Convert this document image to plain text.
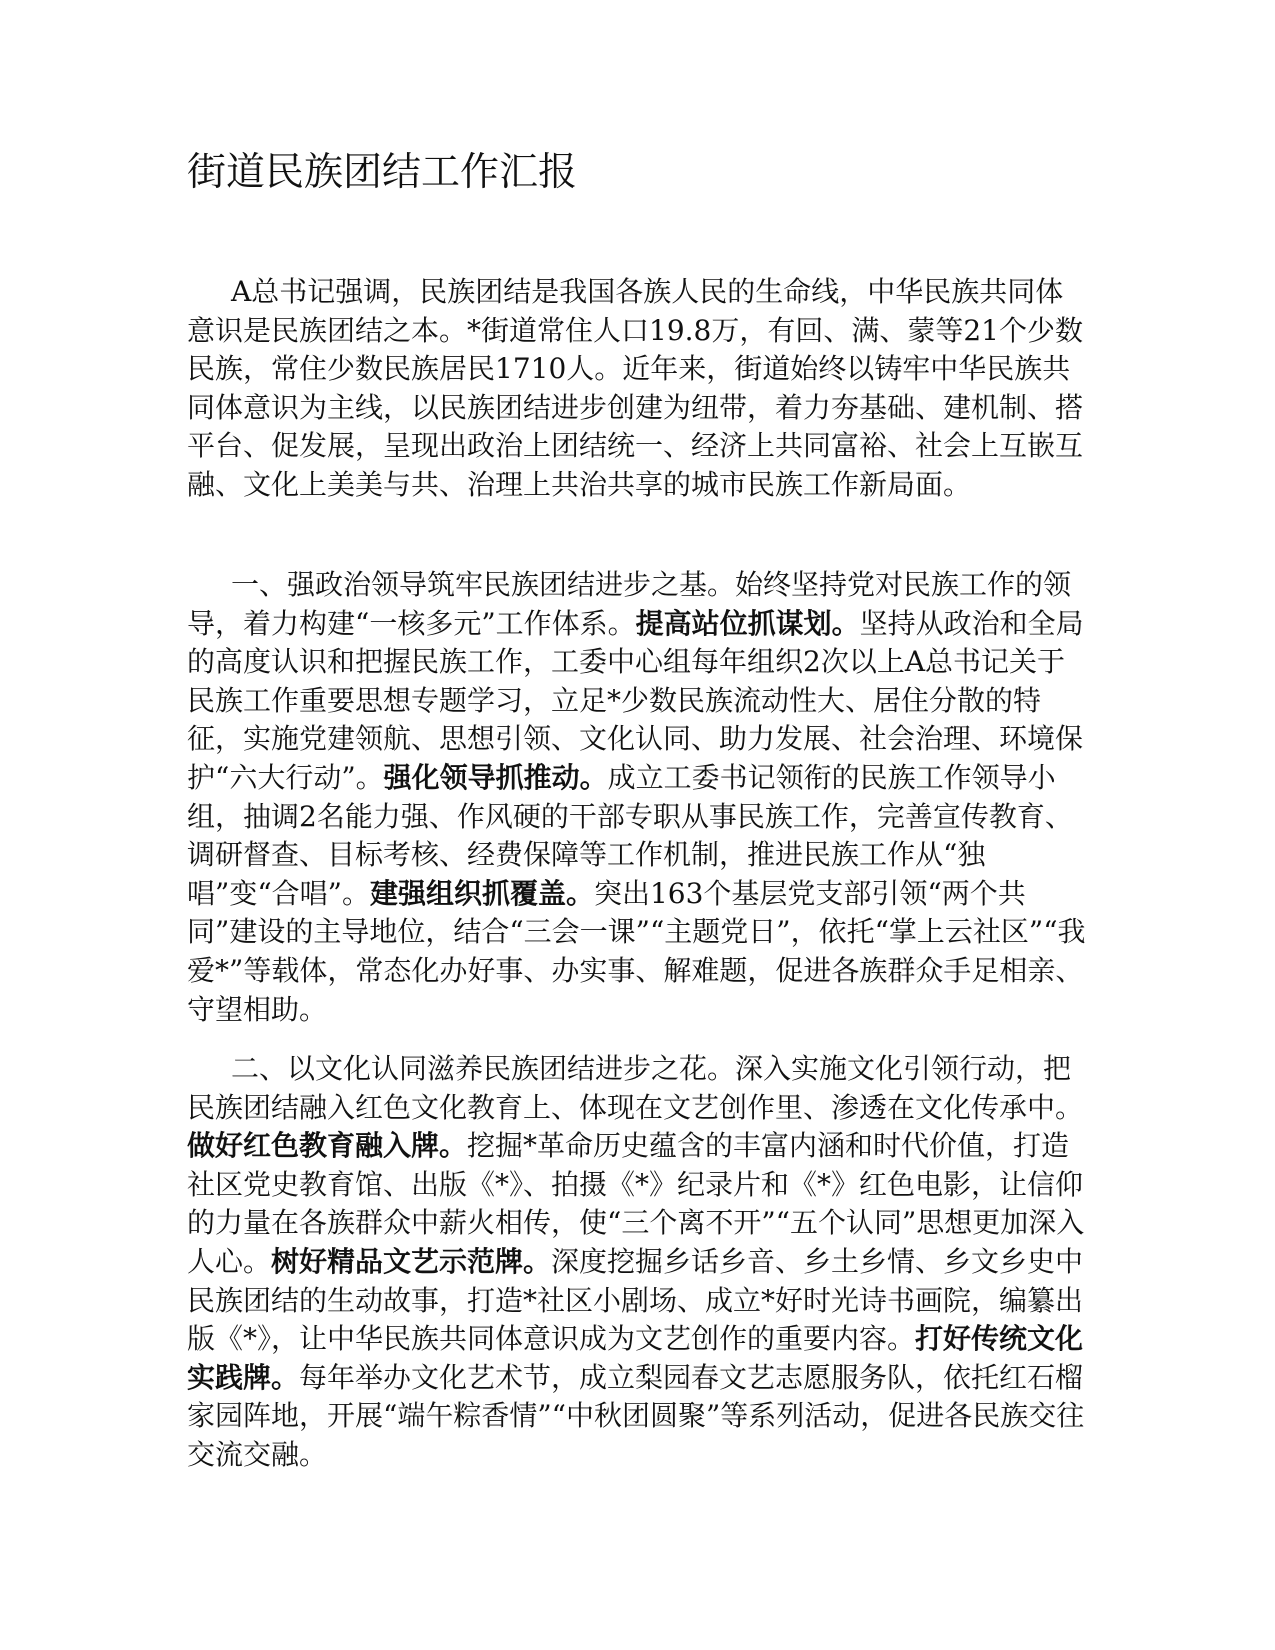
街道民族团结工作汇报

A总书记强调，民族团结是我国各族人民的生命线，中华民族共同体意识是民族团结之本。*街道常住人口19.8万，有回、满、蒙等21个少数民族，常住少数民族居民1710人。近年来，街道始终以铸牢中华民族共同体意识为主线，以民族团结进步创建为纽带，着力夯基础、建机制、搭平台、促发展，呈现出政治上团结统一、经济上共同富裕、社会上互嵌互融、文化上美美与共、治理上共治共享的城市民族工作新局面。

一、强政治领导筑牢民族团结进步之基。始终坚持党对民族工作的领导，着力构建“一核多元”工作体系。提高站位抓谋划。坚持从政治和全局的高度认识和把握民族工作，工委中心组每年组织2次以上A总书记关于民族工作重要思想专题学习，立足*少数民族流动性大、居住分散的特征，实施党建领航、思想引领、文化认同、助力发展、社会治理、环境保护“六大行动”。强化领导抓推动。成立工委书记领衔的民族工作领导小组，抽调2名能力强、作风硬的干部专职从事民族工作，完善宣传教育、调研督查、目标考核、经费保障等工作机制，推进民族工作从“独唱”变“合唱”。建强组织抓覆盖。突出163个基层党支部引领“两个共同”建设的主导地位，结合“三会一课”“主题党日”，依托“掌上云社区”“我爱*”等载体，常态化办好事、办实事、解难题，促进各族群众手足相亲、守望相助。

二、以文化认同滋养民族团结进步之花。深入实施文化引领行动，把民族团结融入红色文化教育上、体现在文艺创作里、渗透在文化传承中。做好红色教育融入牌。挖掘*革命历史蕴含的丰富内涵和时代价值，打造社区党史教育馆、出版《*》、拍摄《*》纪录片和《*》红色电影，让信仰的力量在各族群众中薪火相传，使“三个离不开”“五个认同”思想更加深入人心。树好精品文艺示范牌。深度挖掘乡话乡音、乡土乡情、乡文乡史中民族团结的生动故事，打造*社区小剧场、成立*好时光诗书画院，编纂出版《*》，让中华民族共同体意识成为文艺创作的重要内容。打好传统文化实践牌。每年举办文化艺术节，成立梨园春文艺志愿服务队，依托红石榴家园阵地，开展“端午粽香情”“中秋团圆聚”等系列活动，促进各民族交往交流交融。
